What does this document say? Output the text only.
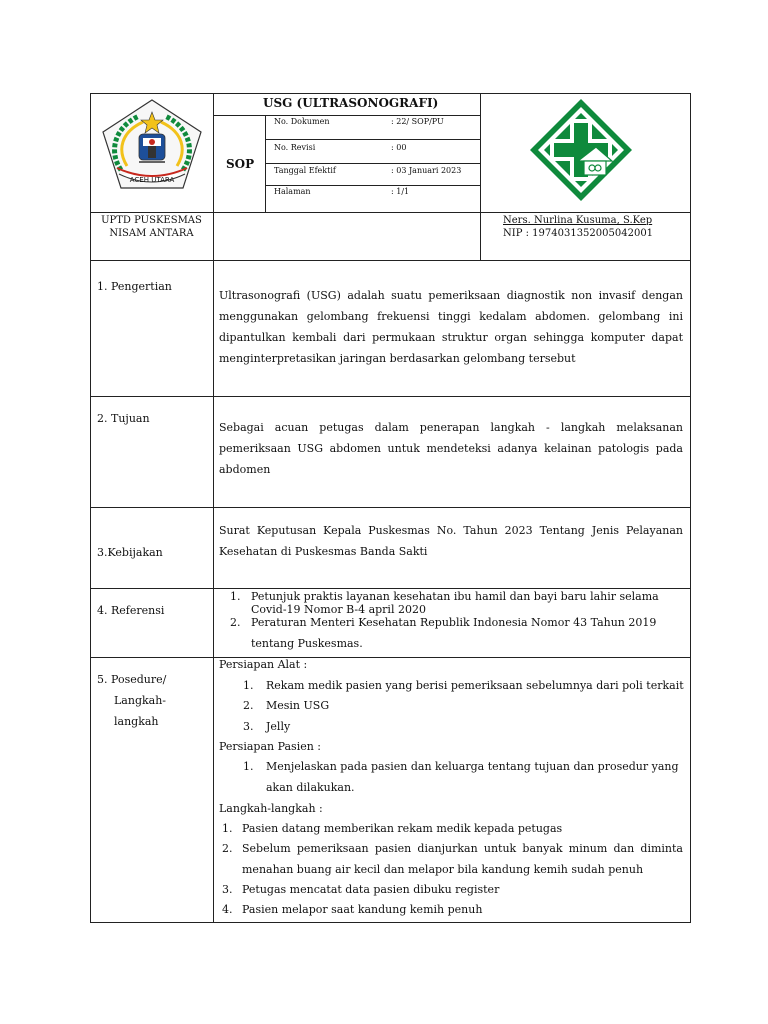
ACEH UTARA
USG (ULTRASONOGRAFI)
SOP
No. Dokumen	: 22/ SOP/PU
No. Revisi	: 00
Tanggal Efektif	: 03 Januari 2023
Halaman	: 1/1
UPTD PUSKESMAS
NISAM ANTARA
Ners. Nurlina Kusuma, S.Kep
NIP : 1974031352005042001
1. Pengertian
Ultrasonografi (USG) adalah suatu pemeriksaan diagnostik non invasif dengan menggunakan gelombang frekuensi tinggi kedalam abdomen. gelombang ini dipantulkan kembali dari permukaan struktur organ sehingga komputer dapat menginterpretasikan jaringan berdasarkan gelombang tersebut
2. Tujuan
Sebagai acuan petugas dalam penerapan langkah - langkah melaksanan pemeriksaan USG abdomen untuk mendeteksi adanya kelainan patologis pada abdomen
3.Kebijakan
Surat Keputusan Kepala Puskesmas No. Tahun 2023 Tentang Jenis Pelayanan Kesehatan di Puskesmas Banda Sakti
4. Referensi
1. Petunjuk praktis layanan kesehatan ibu hamil dan bayi baru lahir selama
Covid-19 Nomor B-4 april 2020
2. Peraturan Menteri Kesehatan Republik Indonesia Nomor 43 Tahun 2019
tentang Puskesmas.
5. Posedure/
Langkah-
langkah
Persiapan Alat :
1. Rekam medik pasien yang berisi pemeriksaan sebelumnya dari poli terkait
2. Mesin USG
3. Jelly
Persiapan Pasien :
1. Menjelaskan pada pasien dan keluarga tentang tujuan dan prosedur yang
akan dilakukan.
Langkah-langkah :
1. Pasien datang memberikan rekam medik kepada petugas
2. Sebelum pemeriksaan pasien dianjurkan untuk banyak minum dan diminta
menahan buang air kecil dan melapor bila kandung kemih sudah penuh
3. Petugas mencatat data pasien dibuku register
4. Pasien melapor saat kandung kemih penuh
